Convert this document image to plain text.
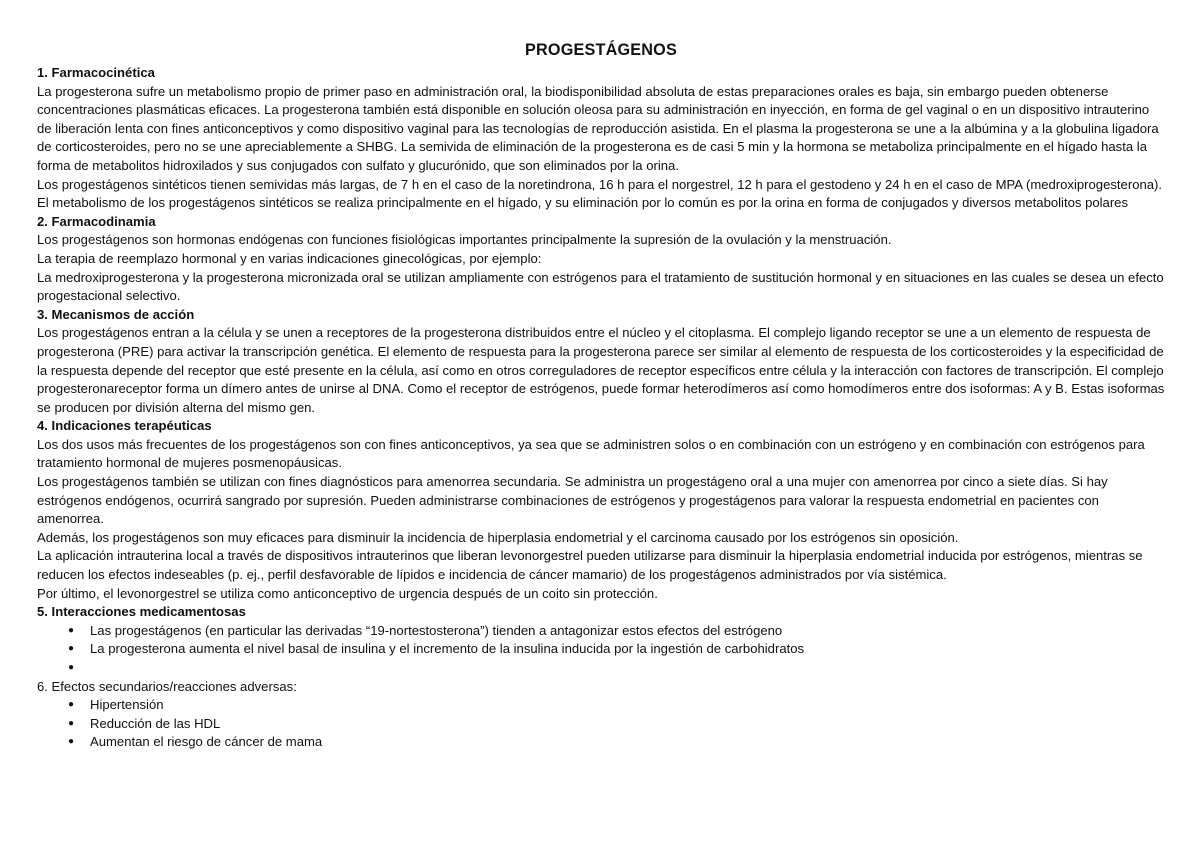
PROGESTÁGENOS
1. Farmacocinética

La progesterona sufre un metabolismo propio de primer paso en administración oral, la biodisponibilidad absoluta de estas preparaciones orales es baja, sin embargo pueden obtenerse concentraciones plasmáticas eficaces. La progesterona también está disponible en solución oleosa para su administración en inyección, en forma de gel vaginal o en un dispositivo intrauterino de liberación lenta con fines anticonceptivos y como dispositivo vaginal para las tecnologías de reproducción asistida. En el plasma la progesterona se une a la albúmina y a la globulina ligadora de corticosteroides, pero no se une apreciablemente a SHBG. La semivida de eliminación de la progesterona es de casi 5 min y la hormona se metaboliza principalmente en el hígado hasta la forma de metabolitos hidroxilados y sus conjugados con sulfato y glucurónido, que son eliminados por la orina.

Los progestágenos sintéticos tienen semividas más largas, de 7 h en el caso de la noretindrona, 16 h para el norgestrel, 12 h para el gestodeno y 24 h en el caso de MPA (medroxiprogesterona). El metabolismo de los progestágenos sintéticos se realiza principalmente en el hígado, y su eliminación por lo común es por la orina en forma de conjugados y diversos metabolitos polares

2. Farmacodinamia

Los progestágenos son hormonas endógenas con funciones fisiológicas importantes principalmente la supresión de la ovulación y la menstruación.

La terapia de reemplazo hormonal y en varias indicaciones ginecológicas, por ejemplo:

La medroxiprogesterona y la progesterona micronizada oral se utilizan ampliamente con estrógenos para el tratamiento de sustitución hormonal y en situaciones en las cuales se desea un efecto progestacional selectivo.

3. Mecanismos de acción

Los progestágenos entran a la célula y se unen a receptores de la progesterona distribuidos entre el núcleo y el citoplasma. El complejo ligando receptor se une a un elemento de respuesta de progesterona (PRE) para activar la transcripción genética. El elemento de respuesta para la progesterona parece ser similar al elemento de respuesta de los corticosteroides y la especificidad de la respuesta depende del receptor que esté presente en la célula, así como en otros correguladores de receptor específicos entre célula y la interacción con factores de transcripción. El complejo progesteronareceptor forma un dímero antes de unirse al DNA. Como el receptor de estrógenos, puede formar heterodímeros así como homodímeros entre dos isoformas: A y B. Estas isoformas se producen por división alterna del mismo gen.

4. Indicaciones terapéuticas

Los dos usos más frecuentes de los progestágenos son con fines anticonceptivos, ya sea que se administren solos o en combinación con un estrógeno y en combinación con estrógenos para tratamiento hormonal de mujeres posmenopáusicas.

Los progestágenos también se utilizan con fines diagnósticos para amenorrea secundaria. Se administra un progestágeno oral a una mujer con amenorrea por cinco a siete días. Si hay estrógenos endógenos, ocurrirá sangrado por supresión. Pueden administrarse combinaciones de estrógenos y progestágenos para valorar la respuesta endometrial en pacientes con amenorrea.

Además, los progestágenos son muy eficaces para disminuir la incidencia de hiperplasia endometrial y el carcinoma causado por los estrógenos sin oposición.

La aplicación intrauterina local a través de dispositivos intrauterinos que liberan levonorgestrel pueden utilizarse para disminuir la hiperplasia endometrial inducida por estrógenos, mientras se reducen los efectos indeseables (p. ej., perfil desfavorable de lípidos e incidencia de cáncer mamario) de los progestágenos administrados por vía sistémica.

Por último, el levonorgestrel se utiliza como anticonceptivo de urgencia después de un coito sin protección.

5. Interacciones medicamentosas
● Las progestágenos (en particular las derivadas “19-nortestosterona”) tienden a antagonizar estos efectos del estrógeno
● La progesterona aumenta el nivel basal de insulina y el incremento de la insulina inducida por la ingestión de carbohidratos
●
6. Efectos secundarios/reacciones adversas:
● Hipertensión
● Reducción de las HDL
● Aumentan el riesgo de cáncer de mama
